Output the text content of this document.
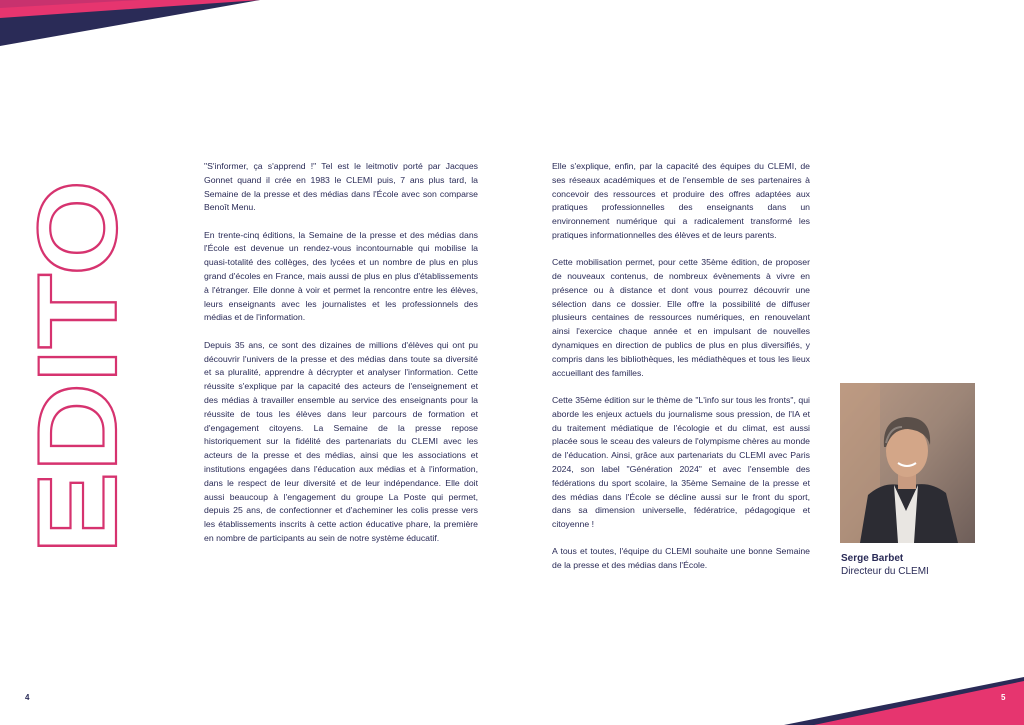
EDITO

"S'informer, ça s'apprend !" Tel est le leitmotiv porté par Jacques Gonnet quand il crée en 1983 le CLEMI puis, 7 ans plus tard, la Semaine de la presse et des médias dans l'École avec son comparse Benoît Menu.

En trente-cinq éditions, la Semaine de la presse et des médias dans l'École est devenue un rendez-vous incontournable qui mobilise la quasi-totalité des collèges, des lycées et un nombre de plus en plus grand d'écoles en France, mais aussi de plus en plus d'établissements à l'étranger. Elle donne à voir et permet la rencontre entre les élèves, leurs enseignants avec les journalistes et les professionnels des médias et de l'information.

Depuis 35 ans, ce sont des dizaines de millions d'élèves qui ont pu découvrir l'univers de la presse et des médias dans toute sa diversité et sa pluralité, apprendre à décrypter et analyser l'information. Cette réussite s'explique par la capacité des acteurs de l'enseignement et des médias à travailler ensemble au service des enseignants pour la réussite de tous les élèves dans leur parcours de formation et d'engagement citoyens. La Semaine de la presse repose historiquement sur la fidélité des partenariats du CLEMI avec les acteurs de la presse et des médias, ainsi que les associations et institutions engagées dans l'éducation aux médias et à l'information, dans le respect de leur diversité et de leur indépendance. Elle doit aussi beaucoup à l'engagement du groupe La Poste qui permet, depuis 25 ans, de confectionner et d'acheminer les colis presse vers les établissements inscrits à cette action éducative phare, la première en nombre de participants au sein de notre système éducatif.

Elle s'explique, enfin, par la capacité des équipes du CLEMI, de ses réseaux académiques et de l'ensemble de ses partenaires à concevoir des ressources et produire des offres adaptées aux pratiques professionnelles des enseignants dans un environnement numérique qui a radicalement transformé les pratiques informationnelles des élèves et de leurs parents.

Cette mobilisation permet, pour cette 35ème édition, de proposer de nouveaux contenus, de nombreux évènements à vivre en présence ou à distance et dont vous pourrez découvrir une sélection dans ce dossier. Elle offre la possibilité de diffuser plusieurs centaines de ressources numériques, en renouvelant ainsi l'exercice chaque année et en impulsant de nouvelles dynamiques en direction de publics de plus en plus diversifiés, y compris dans les bibliothèques, les médiathèques et tous les lieux accueillant des familles.

Cette 35ème édition sur le thème de "L'info sur tous les fronts", qui aborde les enjeux actuels du journalisme sous pression, de l'IA et du traitement médiatique de l'écologie et du climat, est aussi placée sous le sceau des valeurs de l'olympisme chères au monde de l'éducation. Ainsi, grâce aux partenariats du CLEMI avec Paris 2024, son label "Génération 2024" et avec l'ensemble des fédérations du sport scolaire, la 35ème Semaine de la presse et des médias dans l'École se décline aussi sur le front du sport, dans sa dimension universelle, fédératrice, pédagogique et citoyenne !

A tous et toutes, l'équipe du CLEMI souhaite une bonne Semaine de la presse et des médias dans l'École.

Serge Barbet
Directeur du CLEMI
4	5
